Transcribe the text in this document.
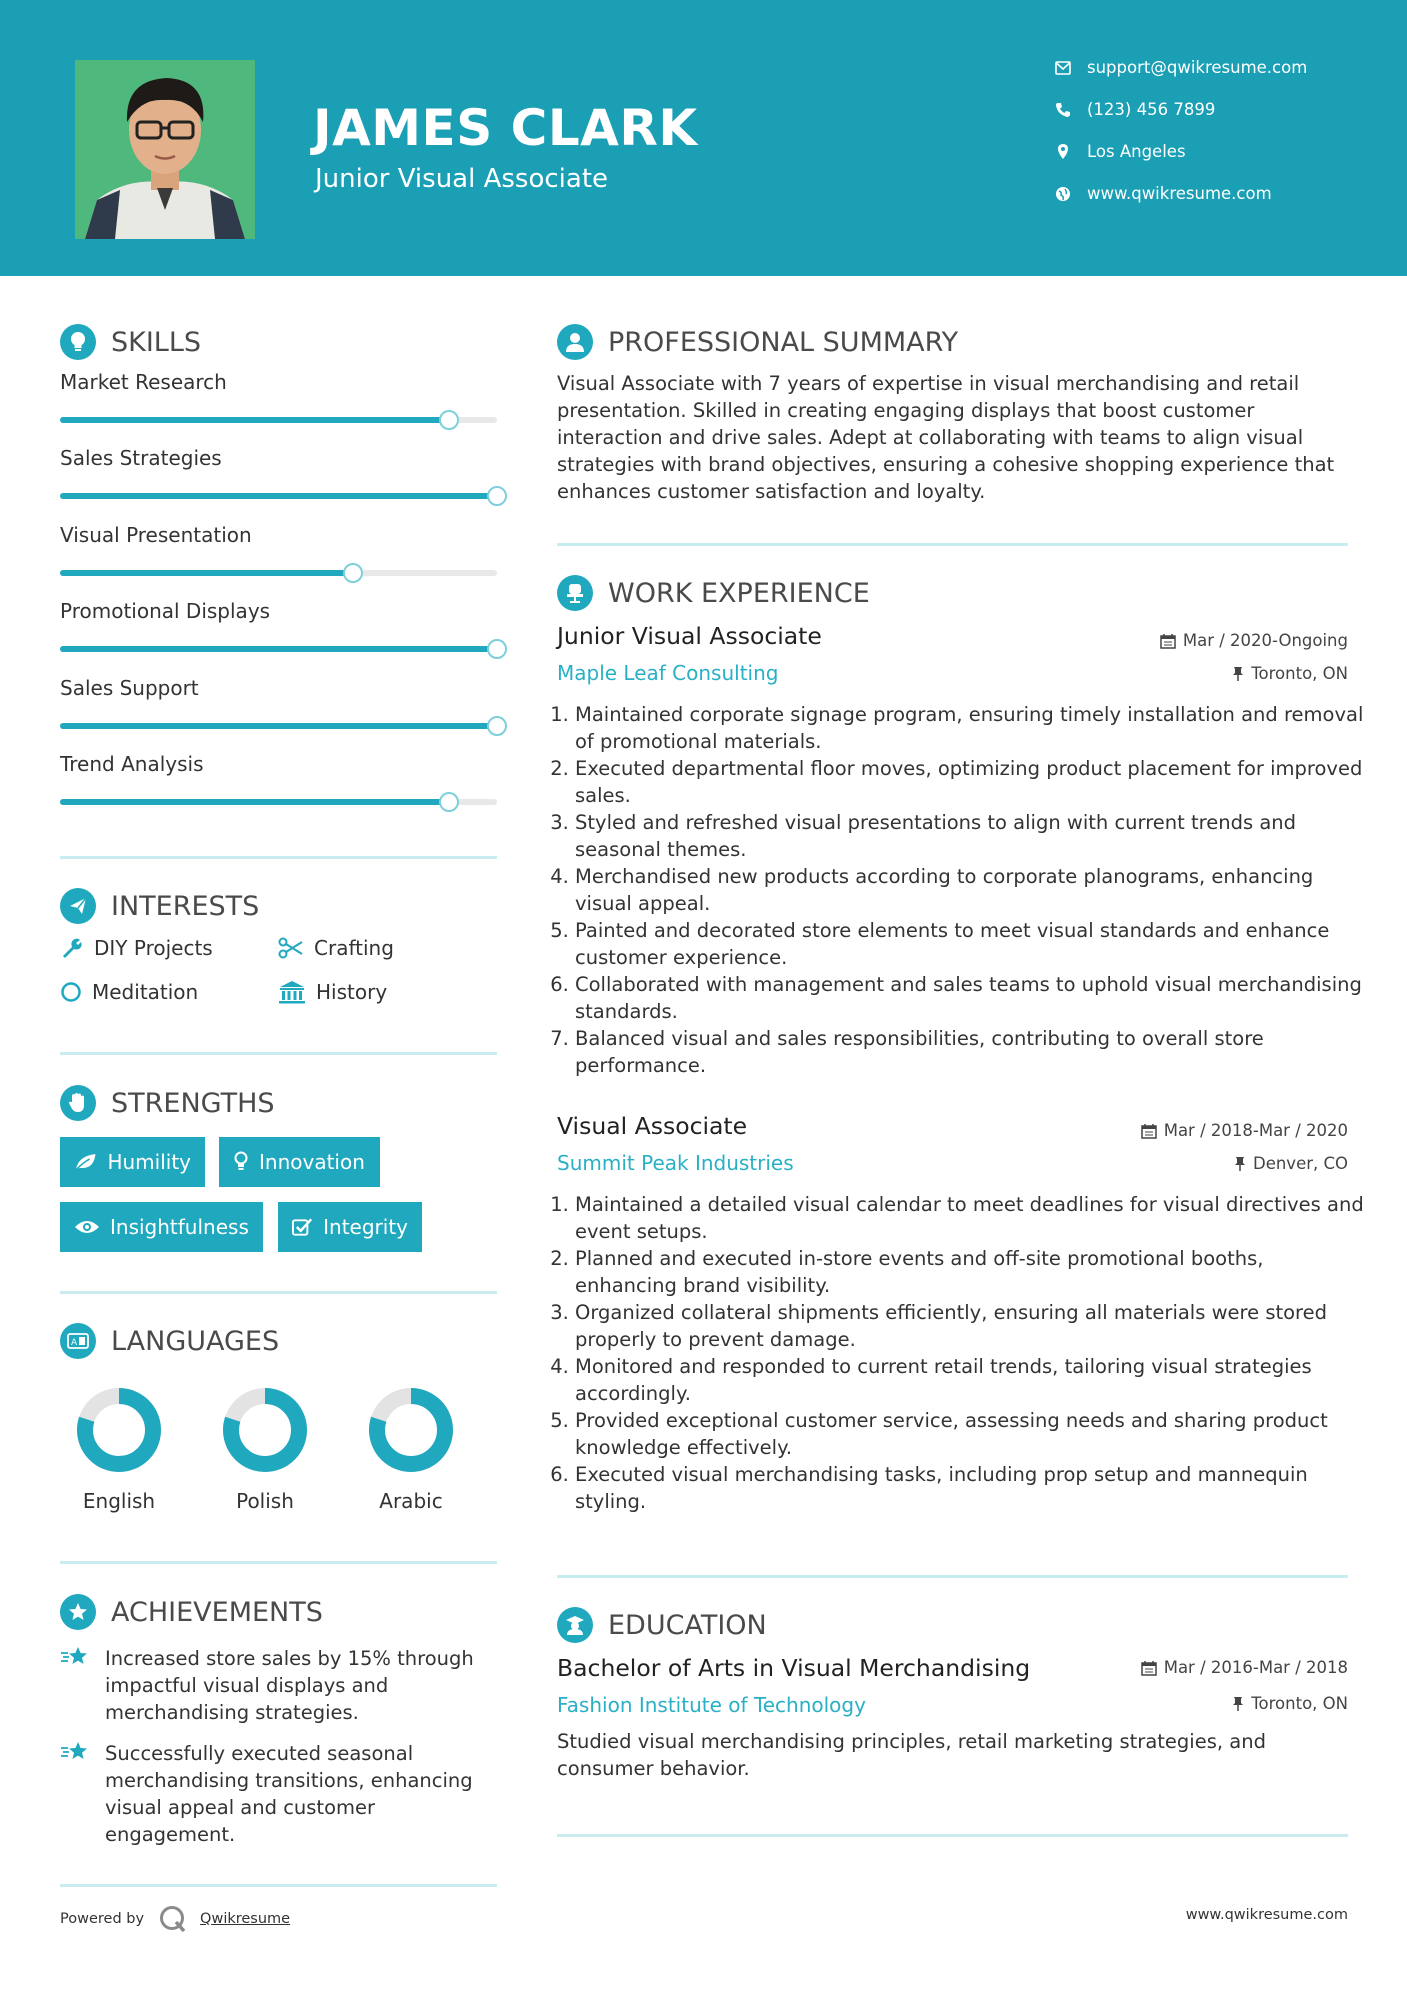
JAMES CLARK
Junior Visual Associate
support@qwikresume.com
(123) 456 7899
Los Angeles
www.qwikresume.com
SKILLS
Market Research
Sales Strategies
Visual Presentation
Promotional Displays
Sales Support
Trend Analysis
INTERESTS
DIY Projects	Crafting
Meditation	History
STRENGTHS
Humility	Innovation
Insightfulness	Integrity
A LANGUAGES
English	Polish	Arabic
ACHIEVEMENTS
Increased store sales by 15% through impactful visual displays and merchandising strategies.
Successfully executed seasonal merchandising transitions, enhancing visual appeal and customer engagement.
Powered by	Qwikresume	www.qwikresume.com
PROFESSIONAL SUMMARY
Visual Associate with 7 years of expertise in visual merchandising and retail presentation. Skilled in creating engaging displays that boost customer interaction and drive sales. Adept at collaborating with teams to align visual strategies with brand objectives, ensuring a cohesive shopping experience that enhances customer satisfaction and loyalty.
WORK EXPERIENCE
Junior Visual Associate
Maple Leaf Consulting
Mar / 2020-Ongoing
Toronto, ON
1. Maintained corporate signage program, ensuring timely installation and removal of promotional materials.
2. Executed departmental floor moves, optimizing product placement for improved sales.
3. Styled and refreshed visual presentations to align with current trends and seasonal themes.
4. Merchandised new products according to corporate planograms, enhancing visual appeal.
5. Painted and decorated store elements to meet visual standards and enhance customer experience.
6. Collaborated with management and sales teams to uphold visual merchandising standards.
7. Balanced visual and sales responsibilities, contributing to overall store performance.
Visual Associate
Summit Peak Industries
Mar / 2018-Mar / 2020
Denver, CO
1. Maintained a detailed visual calendar to meet deadlines for visual directives and event setups.
2. Planned and executed in-store events and off-site promotional booths, enhancing brand visibility.
3. Organized collateral shipments efficiently, ensuring all materials were stored properly to prevent damage.
4. Monitored and responded to current retail trends, tailoring visual strategies accordingly.
5. Provided exceptional customer service, assessing needs and sharing product knowledge effectively.
6. Executed visual merchandising tasks, including prop setup and mannequin styling.
EDUCATION
Bachelor of Arts in Visual Merchandising
Fashion Institute of Technology
Mar / 2016-Mar / 2018
Toronto, ON
Studied visual merchandising principles, retail marketing strategies, and consumer behavior.
